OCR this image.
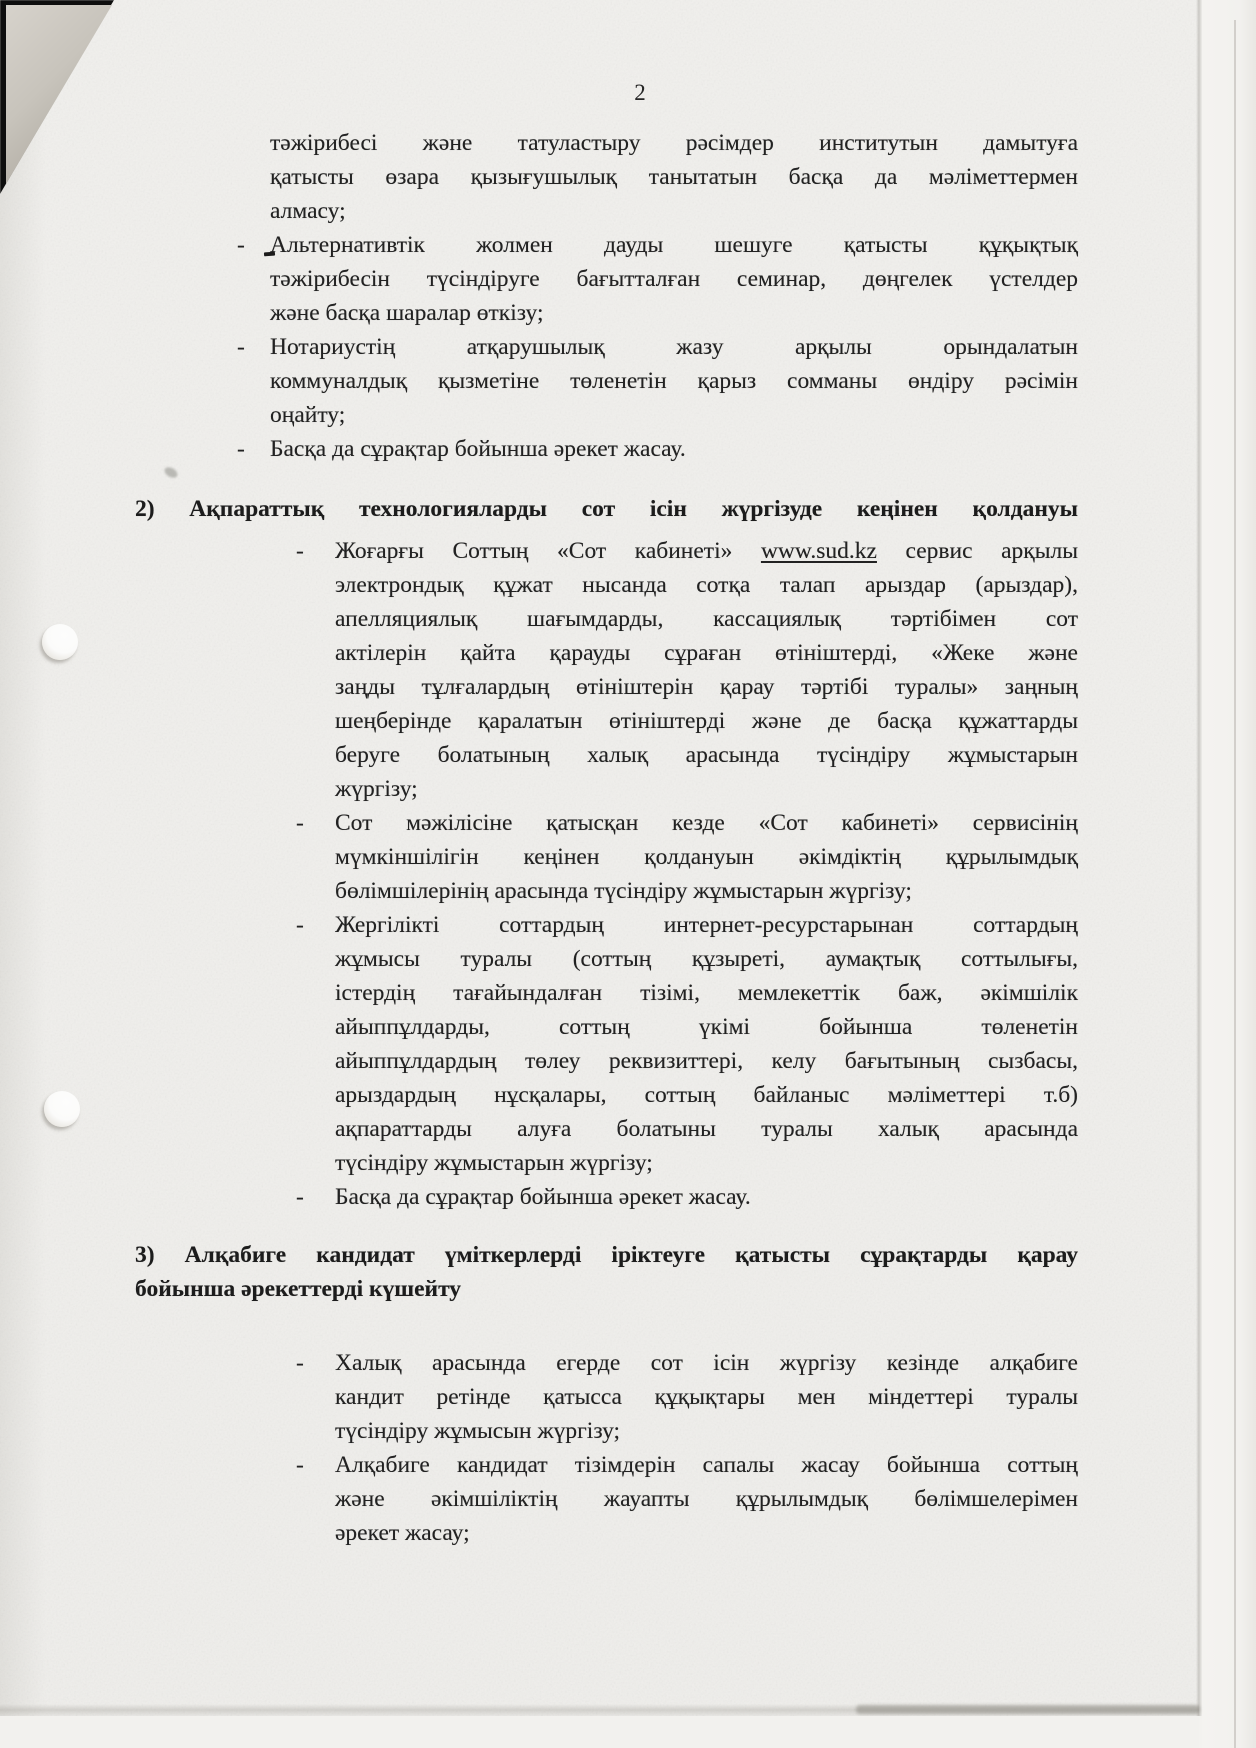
2
тәжірибесі және татуластыру рәсімдер институтын дамытуға
қатысты өзара қызығушылық танытатын басқа да мәліметтермен
алмасу;
- Альтернативтік жолмен дауды шешуге қатысты құқықтық
тәжірибесін түсіндіруге бағытталған семинар, дөңгелек үстелдер
және басқа шаралар өткізу;
- Нотариустің атқарушылық жазу арқылы орындалатын
коммуналдық қызметіне төленетін қарыз сомманы өндіру рәсімін
оңайту;
- Басқа да сұрақтар бойынша әрекет жасау.
2) Ақпараттық технологияларды сот ісін жүргізуде кеңінен қолдануы
- Жоғарғы Соттың «Сот кабинеті» www.sud.kz сервис арқылы
электрондық құжат нысанда сотқа талап арыздар (арыздар),
апелляциялық шағымдарды, кассациялық тәртібімен сот
актілерін қайта қарауды сұраған өтініштерді, «Жеке және
заңды тұлғалардың өтініштерін қарау тәртібі туралы» заңның
шеңберінде қаралатын өтініштерді және де басқа құжаттарды
беруге болатының халық арасында түсіндіру жұмыстарын
жүргізу;
- Сот мәжілісіне қатысқан кезде «Сот кабинеті» сервисінің
мүмкіншілігін кеңінен қолдануын әкімдіктің құрылымдық
бөлімшілерінің арасында түсіндіру жұмыстарын жүргізу;
- Жергілікті соттардың интернет-ресурстарынан соттардың
жұмысы туралы (соттың құзыреті, аумақтық соттылығы,
істердің тағайындалған тізімі, мемлекеттік баж, әкімшілік
айыппұлдарды, соттың үкімі бойынша төленетін
айыппұлдардың төлеу реквизиттері, келу бағытының сызбасы,
арыздардың нұсқалары, соттың байланыс мәліметтері т.б)
ақпараттарды алуға болатыны туралы халық арасында
түсіндіру жұмыстарын жүргізу;
- Басқа да сұрақтар бойынша әрекет жасау.
3) Алқабиге кандидат үміткерлерді іріктеуге қатысты сұрақтарды қарау
бойынша әрекеттерді күшейту
- Халық арасында егерде сот ісін жүргізу кезінде алқабиге
кандит ретінде қатысса құқықтары мен міндеттері туралы
түсіндіру жұмысын жүргізу;
- Алқабиге кандидат тізімдерін сапалы жасау бойынша соттың
және әкімшіліктің жауапты құрылымдық бөлімшелерімен
әрекет жасау;
